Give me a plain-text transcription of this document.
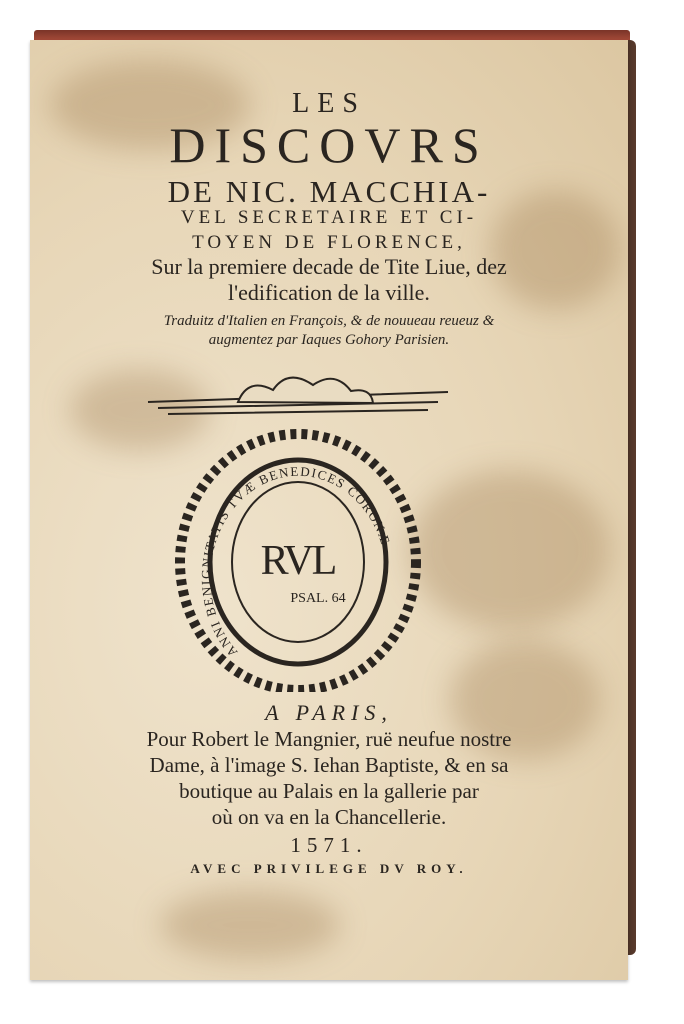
LES
DISCOVRS
DE NIC. MACCHIA-
VEL SECRETAIRE ET CI-
TOYEN DE FLORENCE,
Sur la premiere decade de Tite Liue, dez
l'edification de la ville.
Traduitz d'Italien en François, & de nouueau reueuz &
augmentez par Iaques Gohory Parisien.
ANNI BENIGNITATIS TVÆ BENEDICES CORONÆ
RVL
PSAL. 64
A PARIS,
Pour Robert le Mangnier, ruë neufue nostre
Dame, à l'image S. Iehan Baptiste, & en sa
boutique au Palais en la gallerie par
où on va en la Chancellerie.
1571.
AVEC PRIVILEGE DV ROY.
